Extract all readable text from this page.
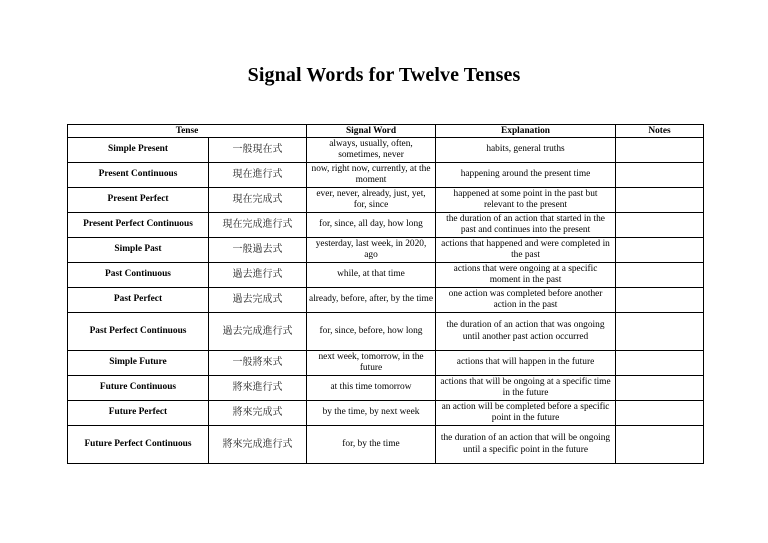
Signal Words for Twelve Tenses
Tense		Signal Word	Explanation	Notes
Simple Present	一般現在式	always, usually, often, sometimes, never	habits, general truths	
Present Continuous	現在進行式	now, right now, currently, at the moment	happening around the present time	
Present Perfect	現在完成式	ever, never, already, just, yet, for, since	happened at some point in the past but relevant to the present	
Present Perfect Continuous	現在完成進行式	for, since, all day, how long	the duration of an action that started in the past and continues into the present	
Simple Past	一般過去式	yesterday, last week, in 2020, ago	actions that happened and were completed in the past	
Past Continuous	過去進行式	while, at that time	actions that were ongoing at a specific moment in the past	
Past Perfect	過去完成式	already, before, after, by the time	one action was completed before another action in the past	
Past Perfect Continuous	過去完成進行式	for, since, before, how long	the duration of an action that was ongoing until another past action occurred	
Simple Future	一般將來式	next week, tomorrow, in the future	actions that will happen in the future	
Future Continuous	將來進行式	at this time tomorrow	actions that will be ongoing at a specific time in the future	
Future Perfect	將來完成式	by the time, by next week	an action will be completed before a specific point in the future	
Future Perfect Continuous	將來完成進行式	for, by the time	the duration of an action that will be ongoing until a specific point in the future	
